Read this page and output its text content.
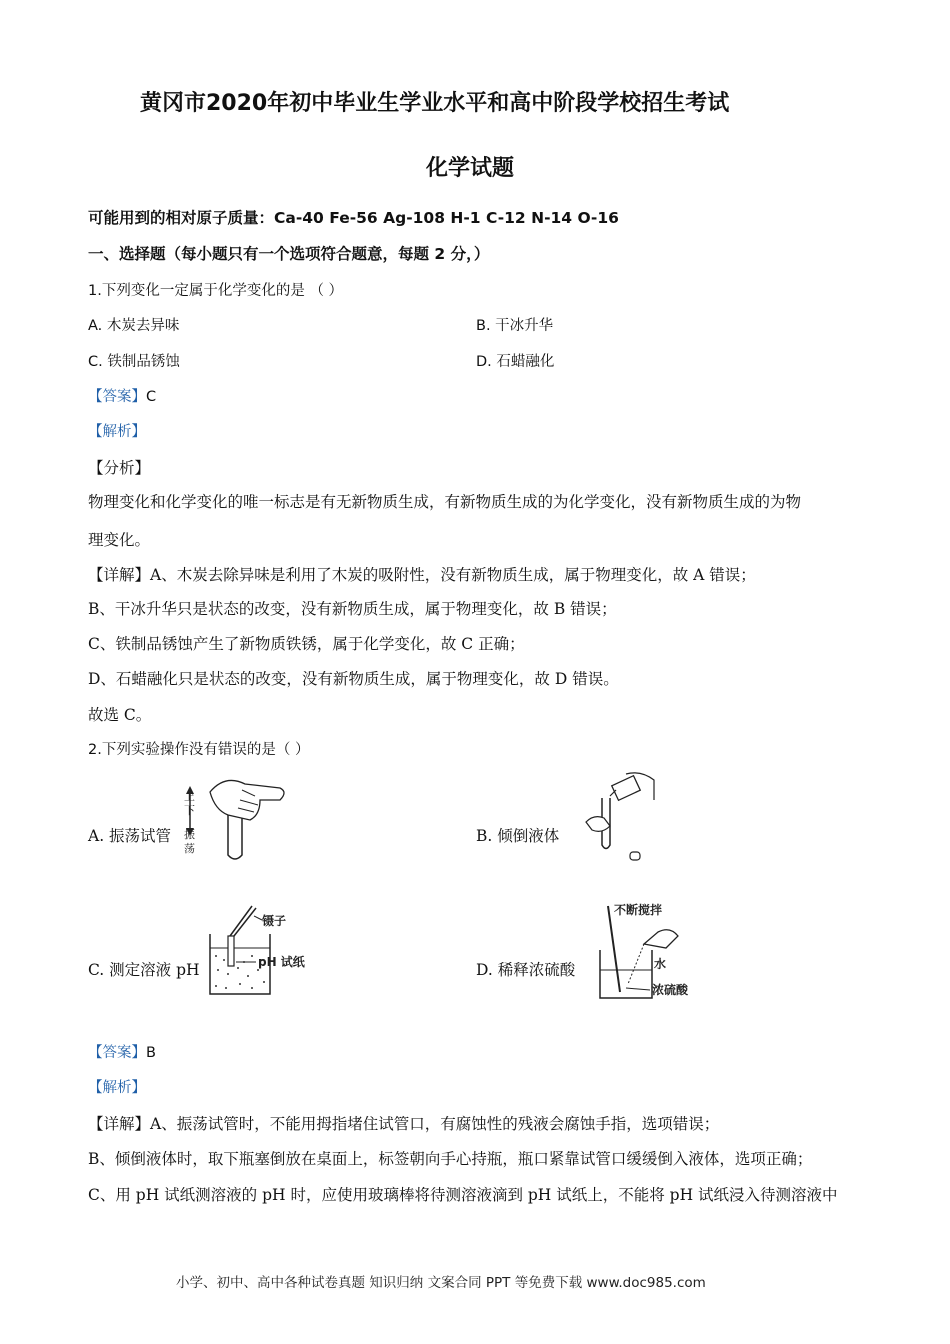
黄冈市2020年初中毕业生学业水平和高中阶段学校招生考试
化学试题
可能用到的相对原子质量：Ca-40 Fe-56 Ag-108 H-1 C-12 N-14 O-16
一、选择题（每小题只有一个选项符合题意，每题 2 分，）
1.下列变化一定属于化学变化的是 （ ）
A. 木炭去异味	B. 干冰升华
C. 铁制品锈蚀	D. 石蜡融化
【答案】C
【解析】
【分析】
物理变化和化学变化的唯一标志是有无新物质生成，有新物质生成的为化学变化，没有新物质生成的为物
理变化。
【详解】A、木炭去除异味是利用了木炭的吸附性，没有新物质生成，属于物理变化，故 A 错误；
B、干冰升华只是状态的改变，没有新物质生成，属于物理变化，故 B 错误；
C、铁制品锈蚀产生了新物质铁锈，属于化学变化，故 C 正确；
D、石蜡融化只是状态的改变，没有新物质生成，属于物理变化，故 D 错误。
故选 C。
2.下列实验操作没有错误的是（ ）
A. 振荡试管	B. 倾倒液体
C. 测定溶液 pH	D. 稀释浓硫酸
上
下
振
荡
镊子
pH 试纸
不断搅拌
水
浓硫酸
【答案】B
【解析】
【详解】A、振荡试管时，不能用拇指堵住试管口，有腐蚀性的残液会腐蚀手指，选项错误；
B、倾倒液体时，取下瓶塞倒放在桌面上，标签朝向手心持瓶，瓶口紧靠试管口缓缓倒入液体，选项正确；
C、用 pH 试纸测溶液的 pH 时，应使用玻璃棒将待测溶液滴到 pH 试纸上，不能将 pH 试纸浸入待测溶液中
小学、初中、高中各种试卷真题 知识归纳 文案合同 PPT 等免费下载 www.doc985.com
